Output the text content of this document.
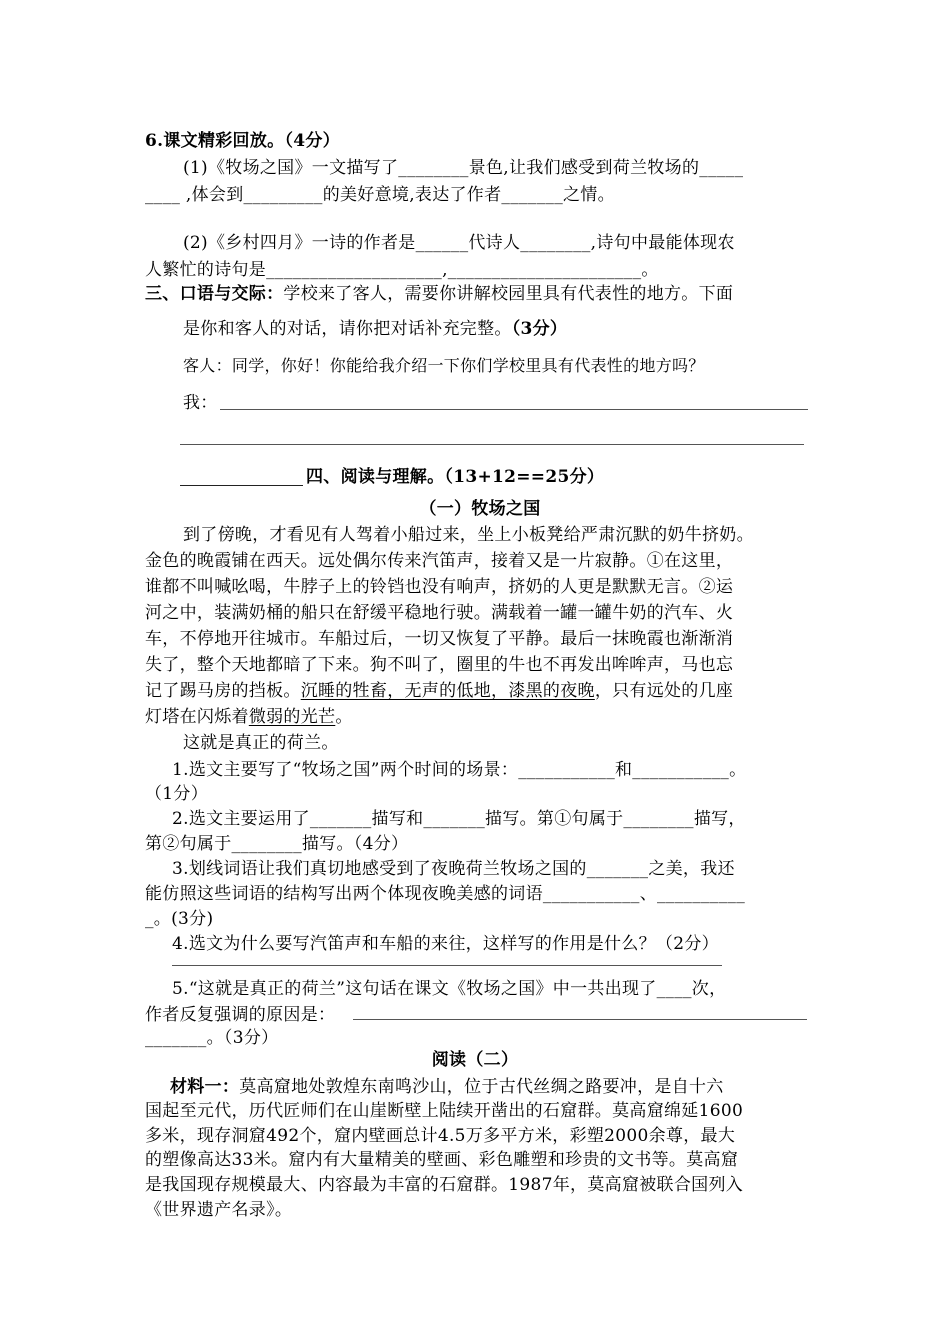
6.课文精彩回放。（4分）
(1)《牧场之国》一文描写了________景色,让我们感受到荷兰牧场的_____
____ ,体会到_________的美好意境,表达了作者_______之情。
(2)《乡村四月》一诗的作者是______代诗人________,诗句中最能体现农
人繁忙的诗句是____________________,______________________。
三、口语与交际：学校来了客人，需要你讲解校园里具有代表性的地方。下面
是你和客人的对话，请你把对话补充完整。（3分）
客人：同学，你好！你能给我介绍一下你们学校里具有代表性的地方吗？
我：
四、阅读与理解。（13+12==25分）
（一）牧场之国
到了傍晚，才看见有人驾着小船过来，坐上小板凳给严肃沉默的奶牛挤奶。
金色的晚霞铺在西天。远处偶尔传来汽笛声，接着又是一片寂静。①在这里，
谁都不叫喊吆喝，牛脖子上的铃铛也没有响声，挤奶的人更是默默无言。②运
河之中，装满奶桶的船只在舒缓平稳地行驶。满载着一罐一罐牛奶的汽车、火
车，不停地开往城市。车船过后，一切又恢复了平静。最后一抹晚霞也渐渐消
失了，整个天地都暗了下来。狗不叫了，圈里的牛也不再发出哞哞声，马也忘
记了踢马房的挡板。沉睡的牲畜，无声的低地，漆黑的夜晚，只有远处的几座
灯塔在闪烁着微弱的光芒。
这就是真正的荷兰。
1.选文主要写了“牧场之国”两个时间的场景：___________和___________。
（1分）
2.选文主要运用了_______描写和_______描写。第①句属于________描写，
第②句属于________描写。（4分）
3.划线词语让我们真切地感受到了夜晚荷兰牧场之国的_______之美，我还
能仿照这些词语的结构写出两个体现夜晚美感的词语___________、__________
_。(3分)
4.选文为什么要写汽笛声和车船的来往，这样写的作用是什么？（2分）
5.“这就是真正的荷兰”这句话在课文《牧场之国》中一共出现了____次，
作者反复强调的原因是：
_______。（3分）
阅读（二）
材料一：莫高窟地处敦煌东南鸣沙山，位于古代丝绸之路要冲，是自十六
国起至元代，历代匠师们在山崖断壁上陆续开凿出的石窟群。莫高窟绵延1600
多米，现存洞窟492个，窟内壁画总计4.5万多平方米，彩塑2000余尊，最大
的塑像高达33米。窟内有大量精美的壁画、彩色雕塑和珍贵的文书等。莫高窟
是我国现存规模最大、内容最为丰富的石窟群。1987年，莫高窟被联合国列入
《世界遗产名录》。
